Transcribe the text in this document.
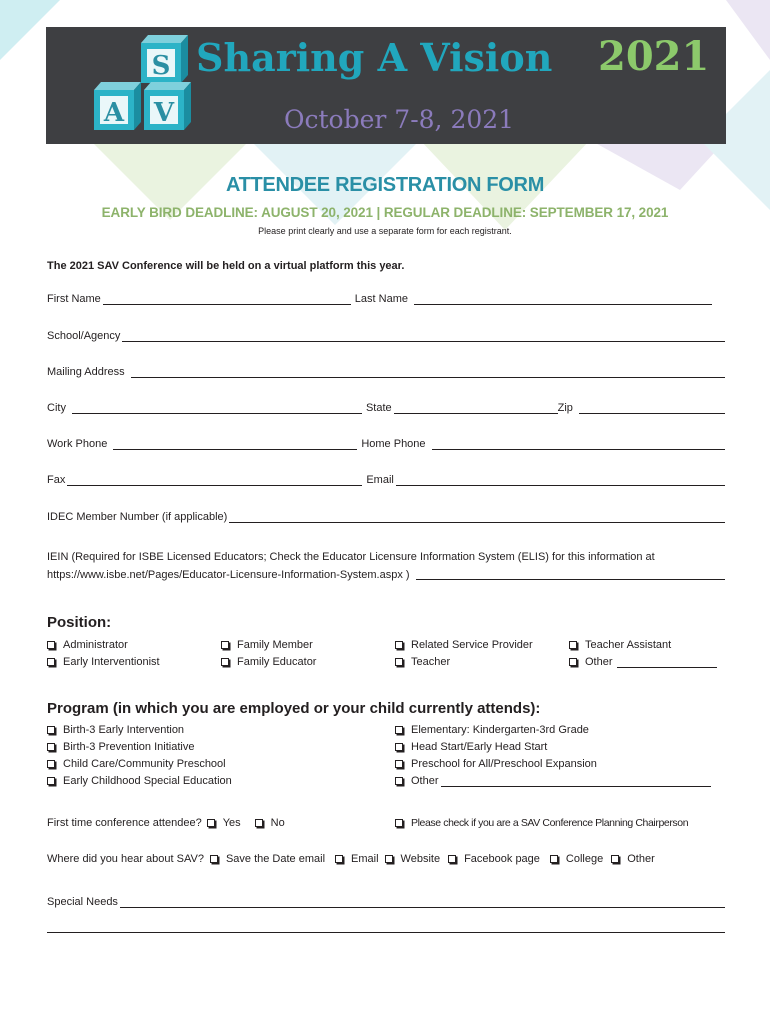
S
A V
Sharing A Vision 2021
October 7-8, 2021
ATTENDEE REGISTRATION FORM
EARLY BIRD DEADLINE: AUGUST 20, 2021 | REGULAR DEADLINE: SEPTEMBER 17, 2021
Please print clearly and use a separate form for each registrant.
The 2021 SAV Conference will be held on a virtual platform this year.
First Name	Last Name
School/Agency
Mailing Address
City	State	Zip
Work Phone	Home Phone
Fax	Email
IDEC Member Number (if applicable)
IEIN (Required for ISBE Licensed Educators; Check the Educator Licensure Information System (ELIS) for this information at
https://www.isbe.net/Pages/Educator-Licensure-Information-System.aspx )
Position:
Administrator
Early Interventionist
Family Member
Family Educator
Related Service Provider
Teacher
Teacher Assistant
Other
Program (in which you are employed or your child currently attends):
Birth-3 Early Intervention
Birth-3 Prevention Initiative
Child Care/Community Preschool
Early Childhood Special Education
Elementary: Kindergarten-3rd Grade
Head Start/Early Head Start
Preschool for All/Preschool Expansion
Other
First time conference attendee? Yes	No	Please check if you are a SAV Conference Planning Chairperson
Where did you hear about SAV? Save the Date email Email Website Facebook page College Other
Special Needs
